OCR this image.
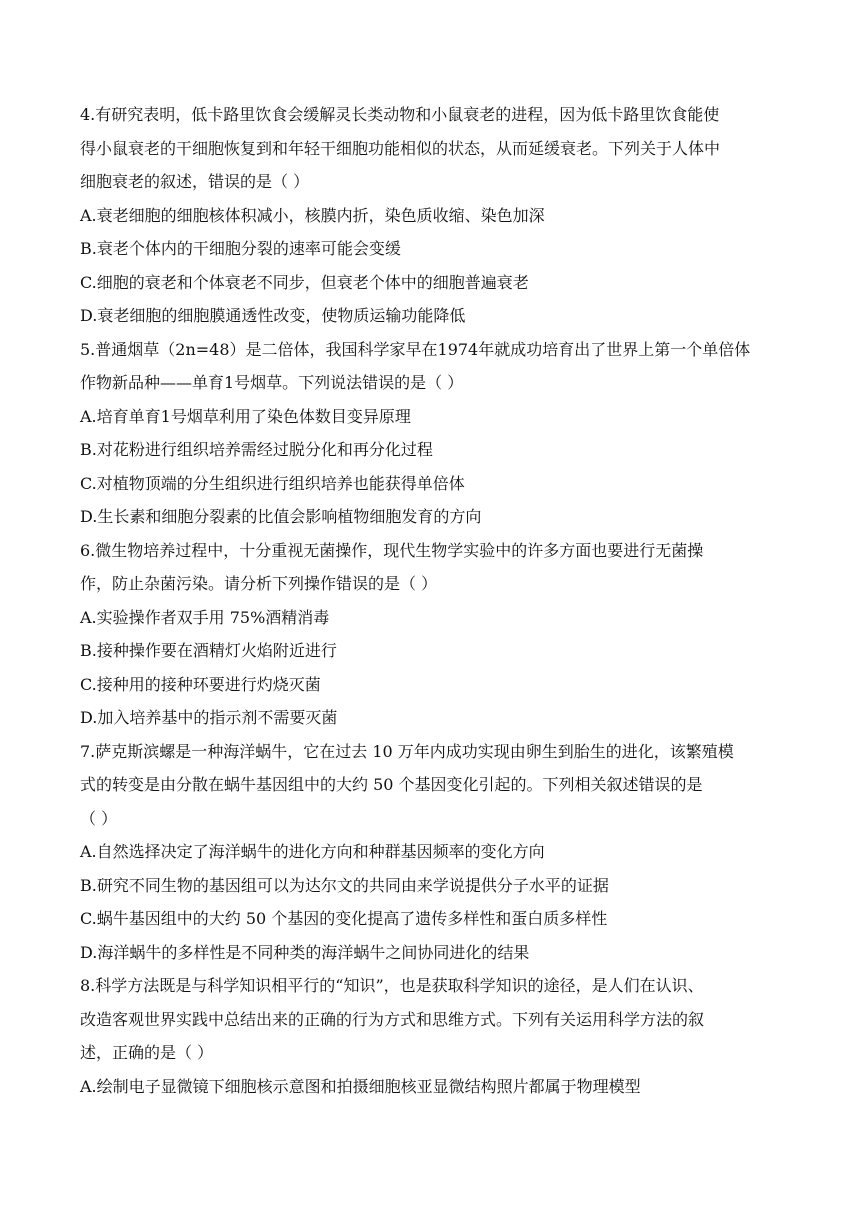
4.有研究表明，低卡路里饮食会缓解灵长类动物和小鼠衰老的进程，因为低卡路里饮食能使
得小鼠衰老的干细胞恢复到和年轻干细胞功能相似的状态，从而延缓衰老。下列关于人体中
细胞衰老的叙述，错误的是（ ）
A.衰老细胞的细胞核体积减小，核膜内折，染色质收缩、染色加深
B.衰老个体内的干细胞分裂的速率可能会变缓
C.细胞的衰老和个体衰老不同步，但衰老个体中的细胞普遍衰老
D.衰老细胞的细胞膜通透性改变，使物质运输功能降低
5.普通烟草（2n=48）是二倍体，我国科学家早在1974年就成功培育出了世界上第一个单倍体
作物新品种——单育1号烟草。下列说法错误的是（ ）
A.培育单育1号烟草利用了染色体数目变异原理
B.对花粉进行组织培养需经过脱分化和再分化过程
C.对植物顶端的分生组织进行组织培养也能获得单倍体
D.生长素和细胞分裂素的比值会影响植物细胞发育的方向
6.微生物培养过程中，十分重视无菌操作，现代生物学实验中的许多方面也要进行无菌操
作，防止杂菌污染。请分析下列操作错误的是（ ）
A.实验操作者双手用 75%酒精消毒
B.接种操作要在酒精灯火焰附近进行
C.接种用的接种环要进行灼烧灭菌
D.加入培养基中的指示剂不需要灭菌
7.萨克斯滨螺是一种海洋蜗牛，它在过去 10 万年内成功实现由卵生到胎生的进化，该繁殖模
式的转变是由分散在蜗牛基因组中的大约 50 个基因变化引起的。下列相关叙述错误的是
（ ）
A.自然选择决定了海洋蜗牛的进化方向和种群基因频率的变化方向
B.研究不同生物的基因组可以为达尔文的共同由来学说提供分子水平的证据
C.蜗牛基因组中的大约 50 个基因的变化提高了遗传多样性和蛋白质多样性
D.海洋蜗牛的多样性是不同种类的海洋蜗牛之间协同进化的结果
8.科学方法既是与科学知识相平行的“知识”，也是获取科学知识的途径，是人们在认识、
改造客观世界实践中总结出来的正确的行为方式和思维方式。下列有关运用科学方法的叙
述，正确的是（ ）
A.绘制电子显微镜下细胞核示意图和拍摄细胞核亚显微结构照片都属于物理模型
